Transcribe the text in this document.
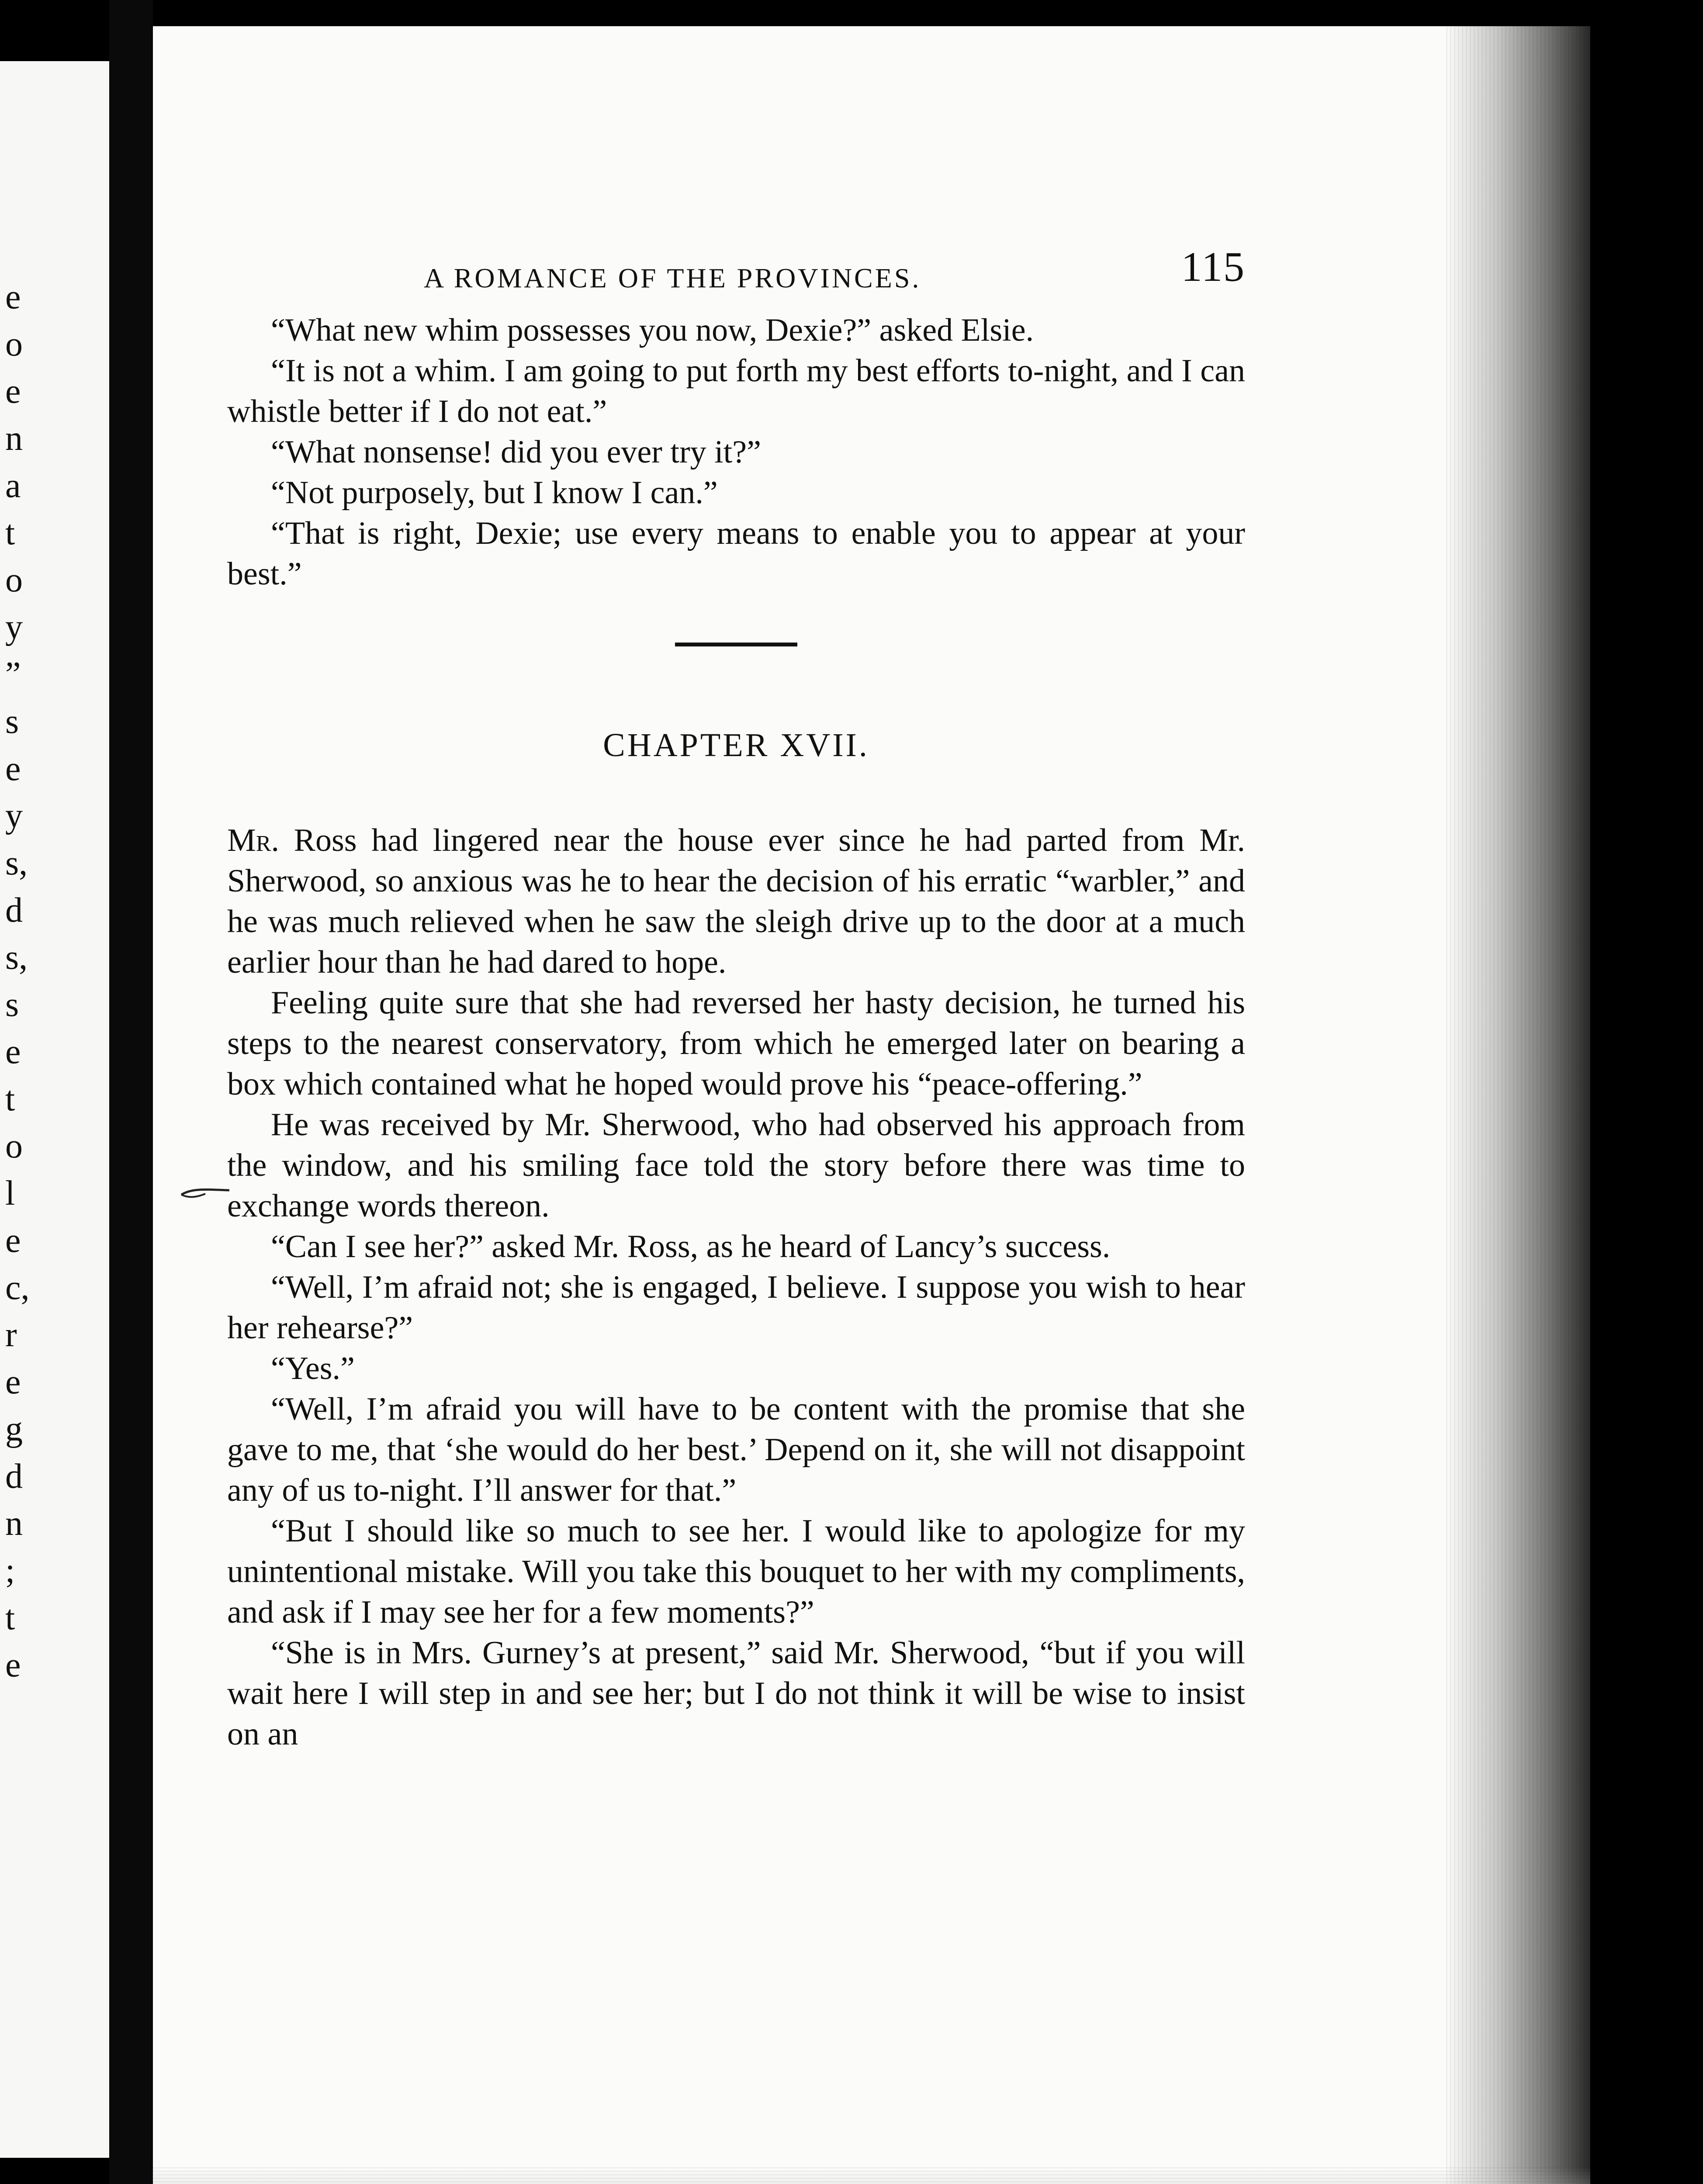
e
o
e
n
a
t
o
y
”
s
e
y
s,
d
s,
s
e
t
o
l
e
c,
r
e
g
d
n
;
t
e
A ROMANCE OF THE PROVINCES.	115

“What new whim possesses you now, Dexie?” asked Elsie.

“It is not a whim. I am going to put forth my best efforts to-night, and I can whistle better if I do not eat.”

“What nonsense! did you ever try it?”

“Not purposely, but I know I can.”

“That is right, Dexie; use every means to enable you to appear at your best.”

CHAPTER XVII.

Mr. Ross had lingered near the house ever since he had parted from Mr. Sherwood, so anxious was he to hear the decision of his erratic “warbler,” and he was much relieved when he saw the sleigh drive up to the door at a much earlier hour than he had dared to hope.

Feeling quite sure that she had reversed her hasty decision, he turned his steps to the nearest conservatory, from which he emerged later on bearing a box which contained what he hoped would prove his “peace-offering.”

He was received by Mr. Sherwood, who had observed his approach from the window, and his smiling face told the story before there was time to exchange words thereon.

“Can I see her?” asked Mr. Ross, as he heard of Lancy’s success.

“Well, I’m afraid not; she is engaged, I believe. I suppose you wish to hear her rehearse?”

“Yes.”

“Well, I’m afraid you will have to be content with the promise that she gave to me, that ‘she would do her best.’ Depend on it, she will not disappoint any of us to-night. I’ll answer for that.”

“But I should like so much to see her. I would like to apologize for my unintentional mistake. Will you take this bouquet to her with my compliments, and ask if I may see her for a few moments?”

“She is in Mrs. Gurney’s at present,” said Mr. Sherwood, “but if you will wait here I will step in and see her; but I do not think it will be wise to insist on an
